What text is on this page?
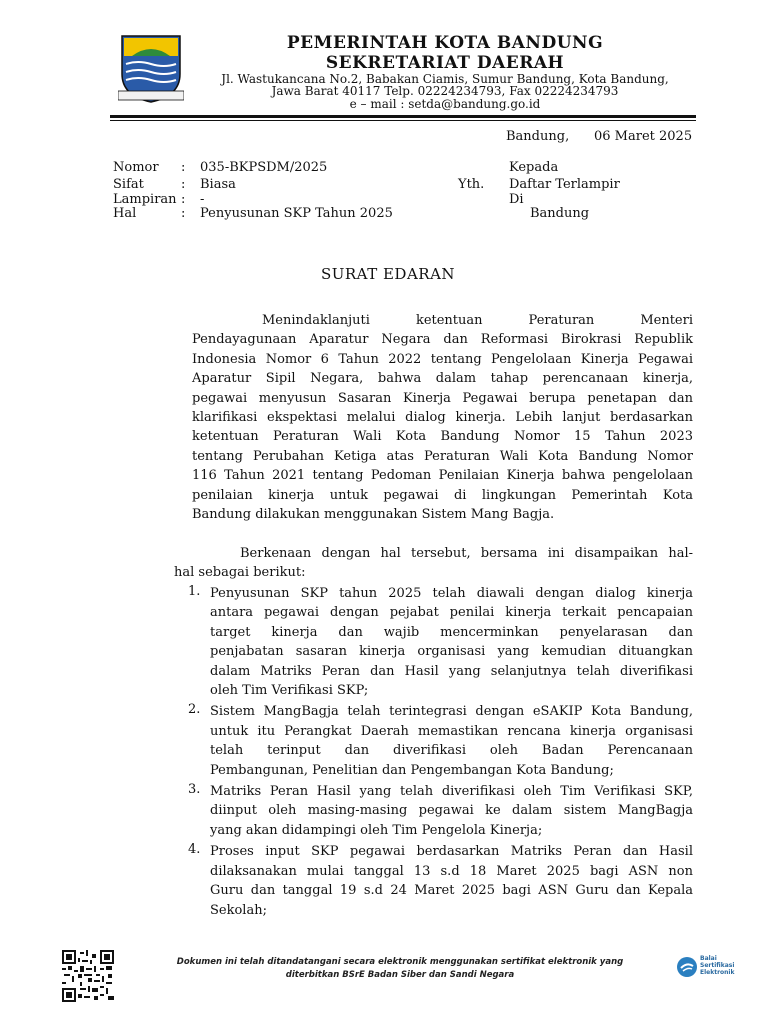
PEMERINTAH KOTA BANDUNG
SEKRETARIAT DAERAH
Jl. Wastukancana No.2, Babakan Ciamis, Sumur Bandung, Kota Bandung,
Jawa Barat 40117 Telp. 02224234793, Fax 02224234793
e – mail : setda@bandung.go.id
Bandung, 06 Maret 2025
Nomor : 035-BKPSDM/2025
Sifat	: Biasa
Lampiran : -
Hal	: Penyusunan SKP Tahun 2025
Kepada
Yth. Daftar Terlampir
Di
Bandung
SURAT EDARAN
Menindaklanjuti ketentuan Peraturan Menteri
Pendayagunaan Aparatur Negara dan Reformasi Birokrasi Republik
Indonesia Nomor 6 Tahun 2022 tentang Pengelolaan Kinerja Pegawai
Aparatur Sipil Negara, bahwa dalam tahap perencanaan kinerja,
pegawai menyusun Sasaran Kinerja Pegawai berupa penetapan dan
klarifikasi ekspektasi melalui dialog kinerja. Lebih lanjut berdasarkan
ketentuan Peraturan Wali Kota Bandung Nomor 15 Tahun 2023
tentang Perubahan Ketiga atas Peraturan Wali Kota Bandung Nomor
116 Tahun 2021 tentang Pedoman Penilaian Kinerja bahwa pengelolaan
penilaian kinerja untuk pegawai di lingkungan Pemerintah Kota
Bandung dilakukan menggunakan Sistem Mang Bagja.
Berkenaan dengan hal tersebut, bersama ini disampaikan hal-
hal sebagai berikut:
1. Penyusunan SKP tahun 2025 telah diawali dengan dialog kinerja
antara pegawai dengan pejabat penilai kinerja terkait pencapaian
target kinerja dan wajib mencerminkan penyelarasan dan
penjabatan sasaran kinerja organisasi yang kemudian dituangkan
dalam Matriks Peran dan Hasil yang selanjutnya telah diverifikasi
oleh Tim Verifikasi SKP;
2. Sistem MangBagja telah terintegrasi dengan eSAKIP Kota Bandung,
untuk itu Perangkat Daerah memastikan rencana kinerja organisasi
telah terinput dan diverifikasi oleh Badan Perencanaan
Pembangunan, Penelitian dan Pengembangan Kota Bandung;
3. Matriks Peran Hasil yang telah diverifikasi oleh Tim Verifikasi SKP,
diinput oleh masing-masing pegawai ke dalam sistem MangBagja
yang akan didampingi oleh Tim Pengelola Kinerja;
4. Proses input SKP pegawai berdasarkan Matriks Peran dan Hasil
dilaksanakan mulai tanggal 13 s.d 18 Maret 2025 bagi ASN non
Guru dan tanggal 19 s.d 24 Maret 2025 bagi ASN Guru dan Kepala
Sekolah;
Dokumen ini telah ditandatangani secara elektronik menggunakan sertifikat elektronik yang
diterbitkan BSrE Badan Siber dan Sandi Negara
Balai
Sertifikasi
Elektronik
